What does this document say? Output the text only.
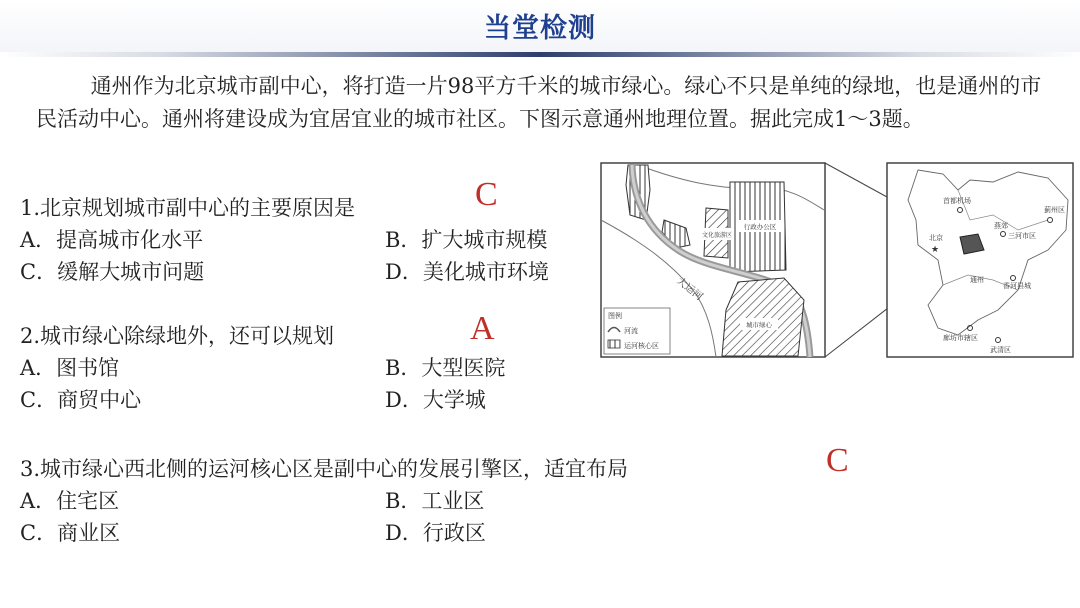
当堂检测
通州作为北京城市副中心，将打造一片98平方千米的城市绿心。绿心不只是单纯的绿地，也是通州的市民活动中心。通州将建设成为宜居宜业的城市社区。下图示意通州地理位置。据此完成1～3题。
1.北京规划城市副中心的主要原因是
A．提高城市化水平	B．扩大城市规模
C．缓解大城市问题	D．美化城市环境
C
2.城市绿心除绿地外，还可以规划
A．图书馆	B．大型医院
C．商贸中心	D．大学城
A
3.城市绿心西北侧的运河核心区是副中心的发展引擎区，适宜布局
A．住宅区	B．工业区
C．商业区	D．行政区
C
行政办公区
文化旅游区
大运河
城市绿心
图例
河流
运河核心区
首都机场
北京
★
燕郊
三河市区
蓟州区
通州
香河县城
廊坊市辖区
武清区
